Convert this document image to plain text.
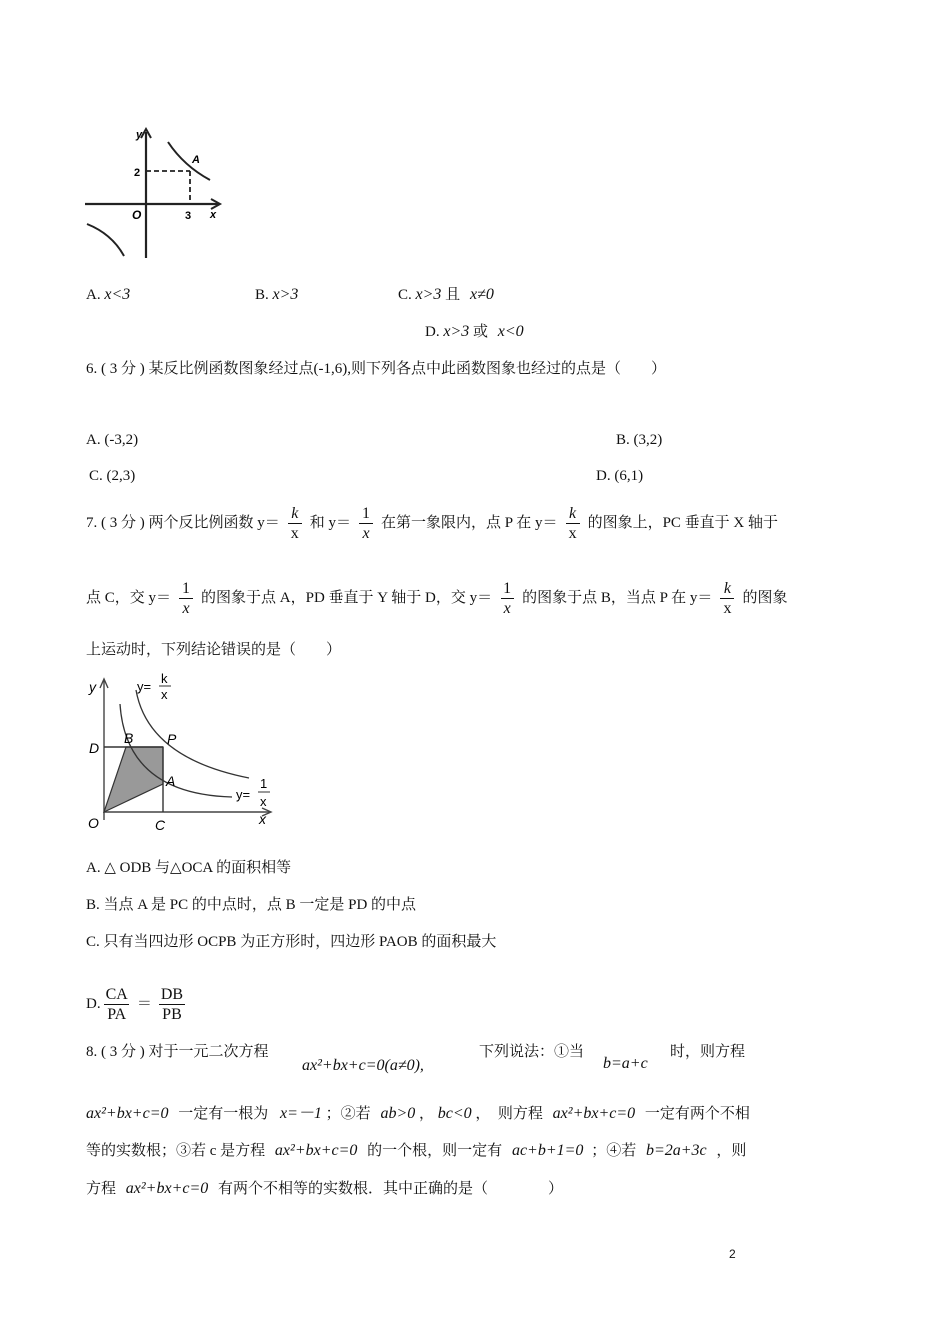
y
2
A
O	3 x
A. x<3	B. x>3	C. x>3 且 x≠0
D. x>3 或 x<0
6. ( 3 分 ) 某反比例函数图象经过点(-1,6),则下列各点中此函数图象也经过的点是（　　）
A. (-3,2)	B. (3,2)
C. (2,3)	D. (6,1)
7. ( 3 分 ) 两个反比例函数 $y= \frac{k}{x}$ 和 $y= \frac{1}{x}$ 在第一象限内，点 P 在 $y= \frac{k}{x}$ 的图象上，PC 垂直于 X 轴于
点 C，交 $y= \frac{1}{x}$ 的图象于点 A，PD 垂直于 Y 轴于 D，交 $y= \frac{1}{x}$ 的图象于点 B，当点 P 在 $y= \frac{k}{x}$ 的图象
上运动时，下列结论错误的是（　　）
y
D
B P
A
O	C	x
y=
k
x
y=
1
x
A. △ ODB 与△OCA 的面积相等
B. 当点 A 是 PC 的中点时，点 B 一定是 PD 的中点
C. 只有当四边形 OCPB 为正方形时，四边形 PAOB 的面积最大
D. $\frac{CA}{PA} = \frac{DB}{PB}$
8. ( 3 分 ) 对于一元二次方程
ax²+bx+c=0(a≠0),
下列说法：①当
b=a+c
时，则方程
ax²+bx+c=0 一定有一根为 x=－1 ；②若 ab>0 ， bc<0 ，　则方程 ax²+bx+c=0 一定有两个不相
等的实数根；③若 c 是方程 ax²+bx+c=0 的一个根，则一定有 ac+b+1=0 ；④若 b=2a+3c ，则
方程 ax²+bx+c=0 有两个不相等的实数根．其中正确的是（　　　　）
2
